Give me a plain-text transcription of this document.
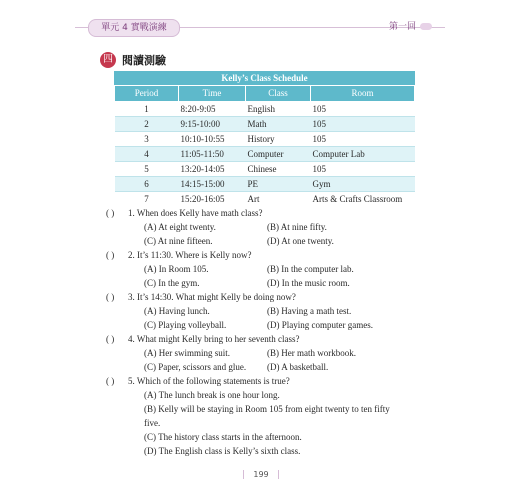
單元 4 實戰演練	第一回
四 閱讀測驗
Kelly’s Class Schedule
Period	Time	Class	Room
1	8:20-9:05	English	105
2	9:15-10:00	Math	105
3	10:10-10:55	History	105
4	11:05-11:50	Computer	Computer Lab
5	13:20-14:05	Chinese	105
6	14:15-15:00	PE	Gym
7	15:20-16:05	Art	Arts & Crafts Classroom
( )	1. When does Kelly have math class?
(A) At eight twenty.	(B) At nine fifty.
(C) At nine fifteen.	(D) At one twenty.
( )	2. It’s 11:30. Where is Kelly now?
(A) In Room 105.	(B) In the computer lab.
(C) In the gym.	(D) In the music room.
( )	3. It’s 14:30. What might Kelly be doing now?
(A) Having lunch.	(B) Having a math test.
(C) Playing volleyball.	(D) Playing computer games.
( )	4. What might Kelly bring to her seventh class?
(A) Her swimming suit.	(B) Her math workbook.
(C) Paper, scissors and glue.	(D) A basketball.
( )	5. Which of the following statements is true?
(A) The lunch break is one hour long.
(B) Kelly will be staying in Room 105 from eight twenty to ten fifty five.
(C) The history class starts in the afternoon.
(D) The English class is Kelly’s sixth class.
199
